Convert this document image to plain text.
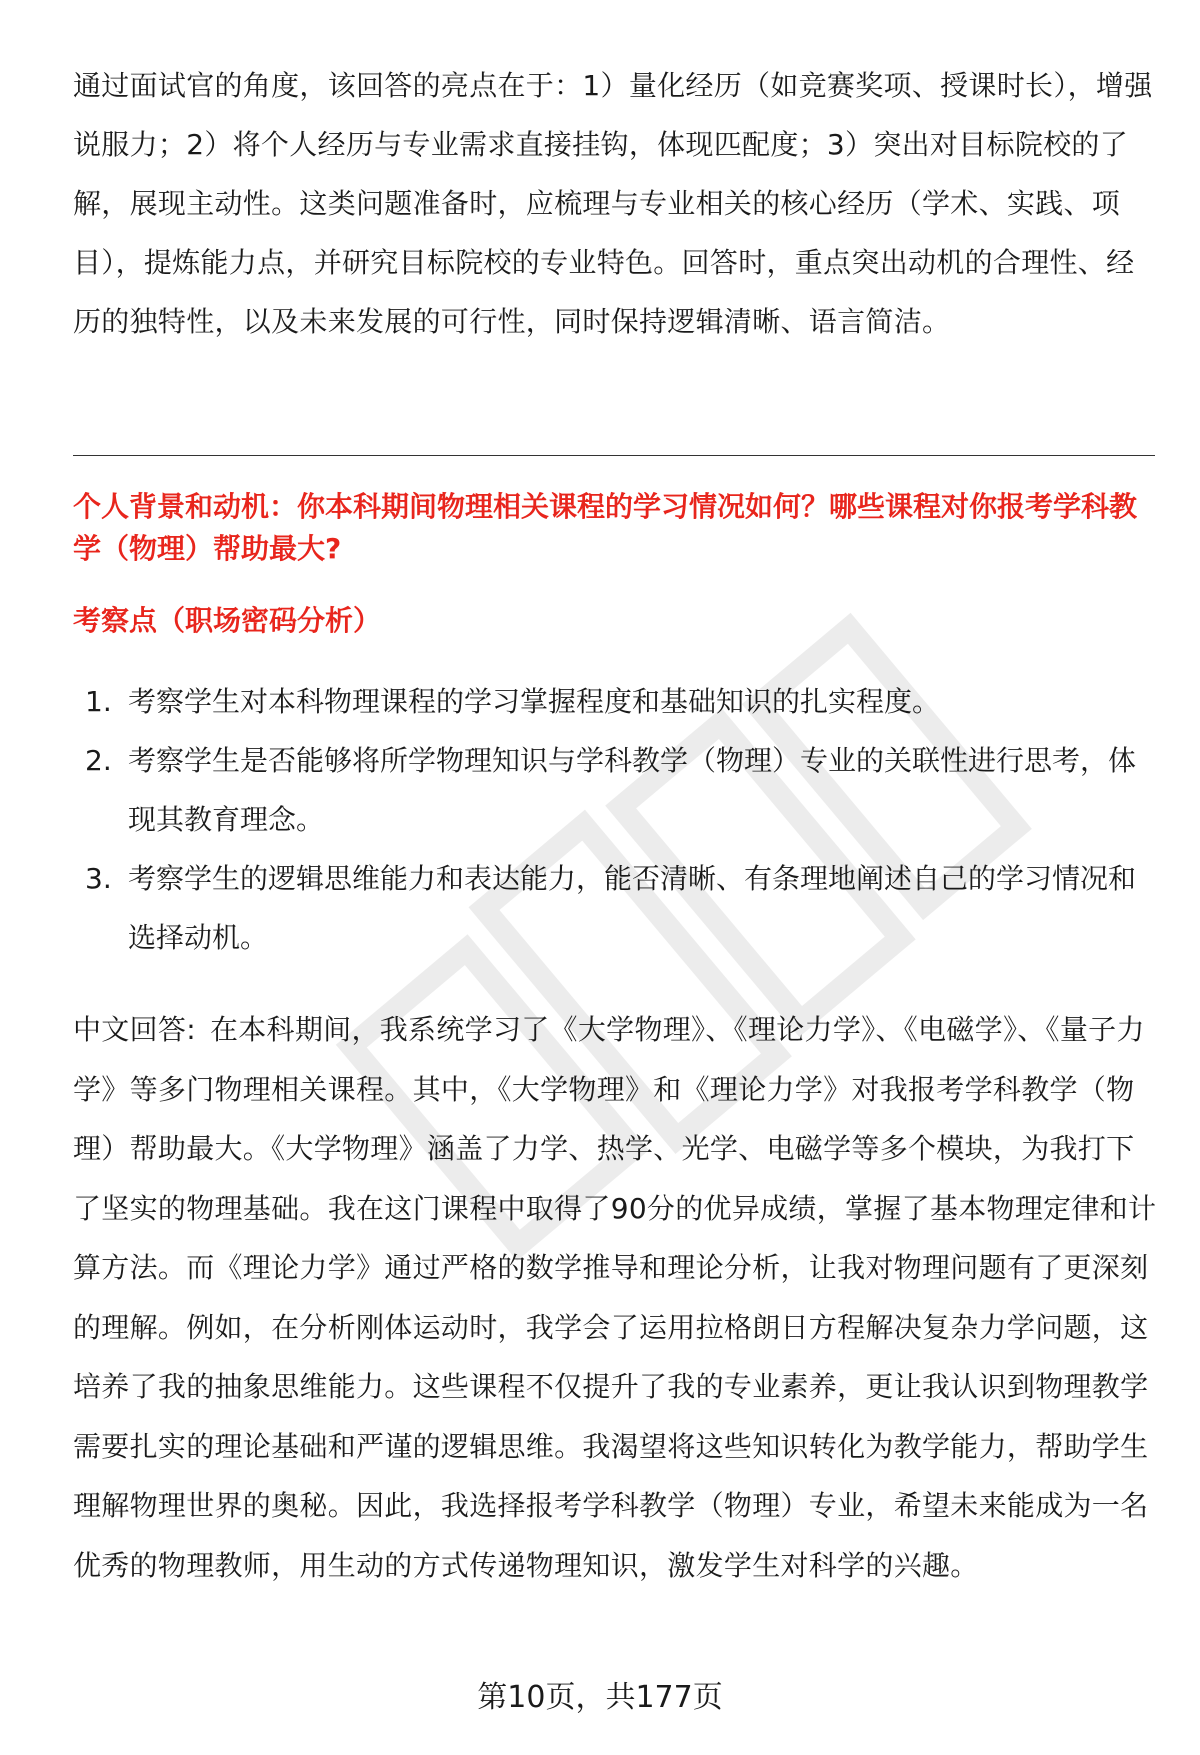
通过面试官的角度，该回答的亮点在于：1）量化经历（如竞赛奖项、授课时长），增强说服力；2）将个人经历与专业需求直接挂钩，体现匹配度；3）突出对目标院校的了解，展现主动性。这类问题准备时，应梳理与专业相关的核心经历（学术、实践、项目），提炼能力点，并研究目标院校的专业特色。回答时，重点突出动机的合理性、经历的独特性，以及未来发展的可行性，同时保持逻辑清晰、语言简洁。

个人背景和动机：你本科期间物理相关课程的学习情况如何？哪些课程对你报考学科教学（物理）帮助最大?

考察点（职场密码分析）

1. 考察学生对本科物理课程的学习掌握程度和基础知识的扎实程度。
2. 考察学生是否能够将所学物理知识与学科教学（物理）专业的关联性进行思考，体现其教育理念。
3. 考察学生的逻辑思维能力和表达能力，能否清晰、有条理地阐述自己的学习情况和选择动机。

中文回答: 在本科期间，我系统学习了《大学物理》、《理论力学》、《电磁学》、《量子力学》等多门物理相关课程。其中，《大学物理》和《理论力学》对我报考学科教学（物理）帮助最大。《大学物理》涵盖了力学、热学、光学、电磁学等多个模块，为我打下了坚实的物理基础。我在这门课程中取得了90分的优异成绩，掌握了基本物理定律和计算方法。而《理论力学》通过严格的数学推导和理论分析，让我对物理问题有了更深刻的理解。例如，在分析刚体运动时，我学会了运用拉格朗日方程解决复杂力学问题，这培养了我的抽象思维能力。这些课程不仅提升了我的专业素养，更让我认识到物理教学需要扎实的理论基础和严谨的逻辑思维。我渴望将这些知识转化为教学能力，帮助学生理解物理世界的奥秘。因此，我选择报考学科教学（物理）专业，希望未来能成为一名优秀的物理教师，用生动的方式传递物理知识，激发学生对科学的兴趣。

第10页，共177页
